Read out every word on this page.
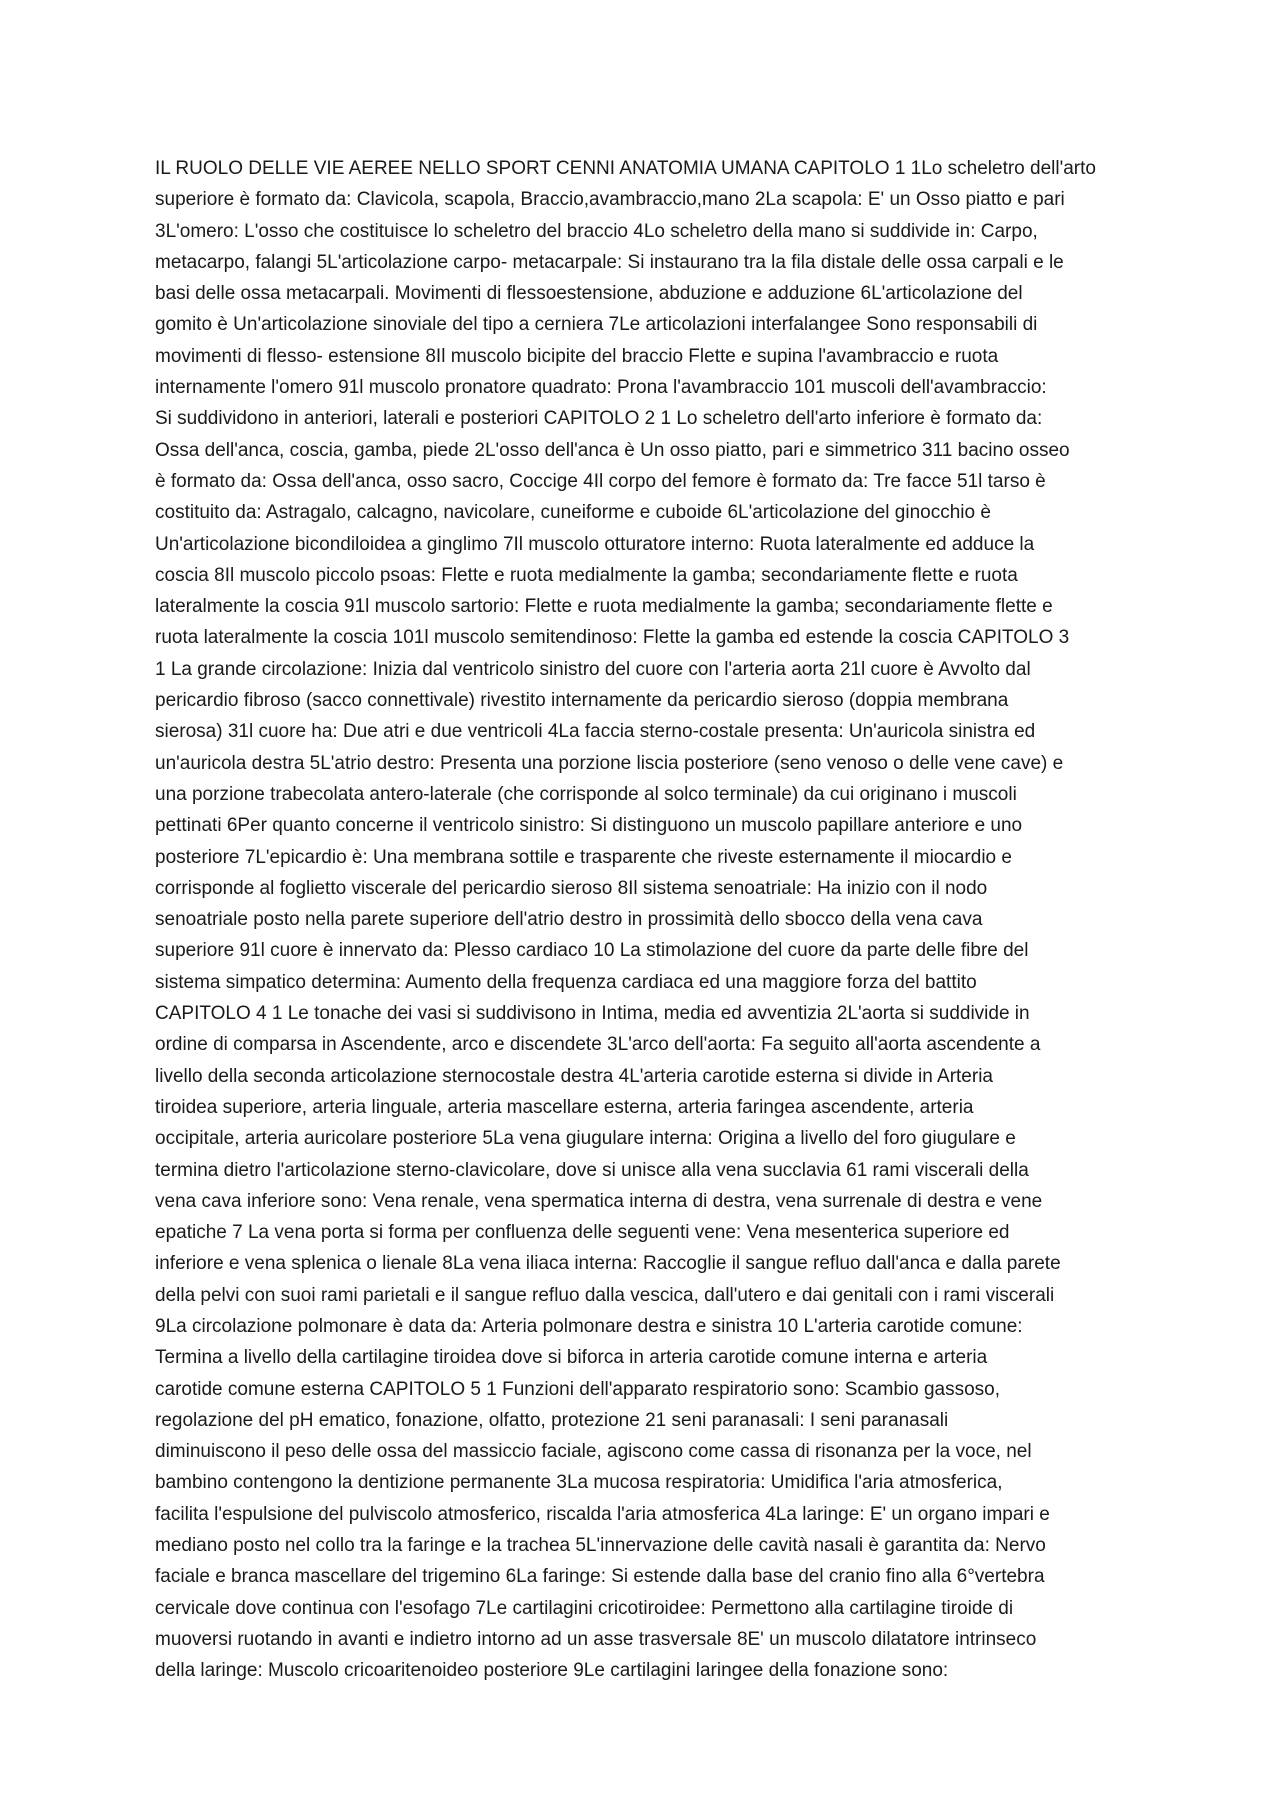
IL RUOLO DELLE VIE AEREE NELLO SPORT CENNI ANATOMIA UMANA CAPITOLO 1 1Lo scheletro dell'arto
superiore è formato da: Clavicola, scapola, Braccio,avambraccio,mano 2La scapola: E' un Osso piatto e pari
3L'omero: L'osso che costituisce lo scheletro del braccio 4Lo scheletro della mano si suddivide in: Carpo,
metacarpo, falangi 5L'articolazione carpo- metacarpale: Si instaurano tra la fila distale delle ossa carpali e le
basi delle ossa metacarpali. Movimenti di flessoestensione, abduzione e adduzione 6L'articolazione del
gomito è Un'articolazione sinoviale del tipo a cerniera 7Le articolazioni interfalangee Sono responsabili di
movimenti di flesso- estensione 8Il muscolo bicipite del braccio Flette e supina l'avambraccio e ruota
internamente l'omero 91l muscolo pronatore quadrato: Prona l'avambraccio 101 muscoli dell'avambraccio:
Si suddividono in anteriori, laterali e posteriori CAPITOLO 2 1 Lo scheletro dell'arto inferiore è formato da:
Ossa dell'anca, coscia, gamba, piede 2L'osso dell'anca è Un osso piatto, pari e simmetrico 311 bacino osseo
è formato da: Ossa dell'anca, osso sacro, Coccige 4Il corpo del femore è formato da: Tre facce 51l tarso è
costituito da: Astragalo, calcagno, navicolare, cuneiforme e cuboide 6L'articolazione del ginocchio è
Un'articolazione bicondiloidea a ginglimo 7Il muscolo otturatore interno: Ruota lateralmente ed adduce la
coscia 8Il muscolo piccolo psoas: Flette e ruota medialmente la gamba; secondariamente flette e ruota
lateralmente la coscia 91l muscolo sartorio: Flette e ruota medialmente la gamba; secondariamente flette e
ruota lateralmente la coscia 101l muscolo semitendinoso: Flette la gamba ed estende la coscia CAPITOLO 3
1 La grande circolazione: Inizia dal ventricolo sinistro del cuore con l'arteria aorta 21l cuore è Avvolto dal
pericardio fibroso (sacco connettivale) rivestito internamente da pericardio sieroso (doppia membrana
sierosa) 31l cuore ha: Due atri e due ventricoli 4La faccia sterno-costale presenta: Un'auricola sinistra ed
un'auricola destra 5L'atrio destro: Presenta una porzione liscia posteriore (seno venoso o delle vene cave) e
una porzione trabecolata antero-laterale (che corrisponde al solco terminale) da cui originano i muscoli
pettinati 6Per quanto concerne il ventricolo sinistro: Si distinguono un muscolo papillare anteriore e uno
posteriore 7L'epicardio è: Una membrana sottile e trasparente che riveste esternamente il miocardio e
corrisponde al foglietto viscerale del pericardio sieroso 8Il sistema senoatriale: Ha inizio con il nodo
senoatriale posto nella parete superiore dell'atrio destro in prossimità dello sbocco della vena cava
superiore 91l cuore è innervato da: Plesso cardiaco 10 La stimolazione del cuore da parte delle fibre del
sistema simpatico determina: Aumento della frequenza cardiaca ed una maggiore forza del battito
CAPITOLO 4 1 Le tonache dei vasi si suddivisono in Intima, media ed avventizia 2L'aorta si suddivide in
ordine di comparsa in Ascendente, arco e discendete 3L'arco dell'aorta: Fa seguito all'aorta ascendente a
livello della seconda articolazione sternocostale destra 4L'arteria carotide esterna si divide in Arteria
tiroidea superiore, arteria linguale, arteria mascellare esterna, arteria faringea ascendente, arteria
occipitale, arteria auricolare posteriore 5La vena giugulare interna: Origina a livello del foro giugulare e
termina dietro l'articolazione sterno-clavicolare, dove si unisce alla vena succlavia 61 rami viscerali della
vena cava inferiore sono: Vena renale, vena spermatica interna di destra, vena surrenale di destra e vene
epatiche 7 La vena porta si forma per confluenza delle seguenti vene: Vena mesenterica superiore ed
inferiore e vena splenica o lienale 8La vena iliaca interna: Raccoglie il sangue refluo dall'anca e dalla parete
della pelvi con suoi rami parietali e il sangue refluo dalla vescica, dall'utero e dai genitali con i rami viscerali
9La circolazione polmonare è data da: Arteria polmonare destra e sinistra 10 L'arteria carotide comune:
Termina a livello della cartilagine tiroidea dove si biforca in arteria carotide comune interna e arteria
carotide comune esterna CAPITOLO 5 1 Funzioni dell'apparato respiratorio sono: Scambio gassoso,
regolazione del pH ematico, fonazione, olfatto, protezione 21 seni paranasali: I seni paranasali
diminuiscono il peso delle ossa del massiccio faciale, agiscono come cassa di risonanza per la voce, nel
bambino contengono la dentizione permanente 3La mucosa respiratoria: Umidifica l'aria atmosferica,
facilita l'espulsione del pulviscolo atmosferico, riscalda l'aria atmosferica 4La laringe: E' un organo impari e
mediano posto nel collo tra la faringe e la trachea 5L'innervazione delle cavità nasali è garantita da: Nervo
faciale e branca mascellare del trigemino 6La faringe: Si estende dalla base del cranio fino alla 6°vertebra
cervicale dove continua con l'esofago 7Le cartilagini cricotiroidee: Permettono alla cartilagine tiroide di
muoversi ruotando in avanti e indietro intorno ad un asse trasversale 8E' un muscolo dilatatore intrinseco
della laringe: Muscolo cricoaritenoideo posteriore 9Le cartilagini laringee della fonazione sono:
